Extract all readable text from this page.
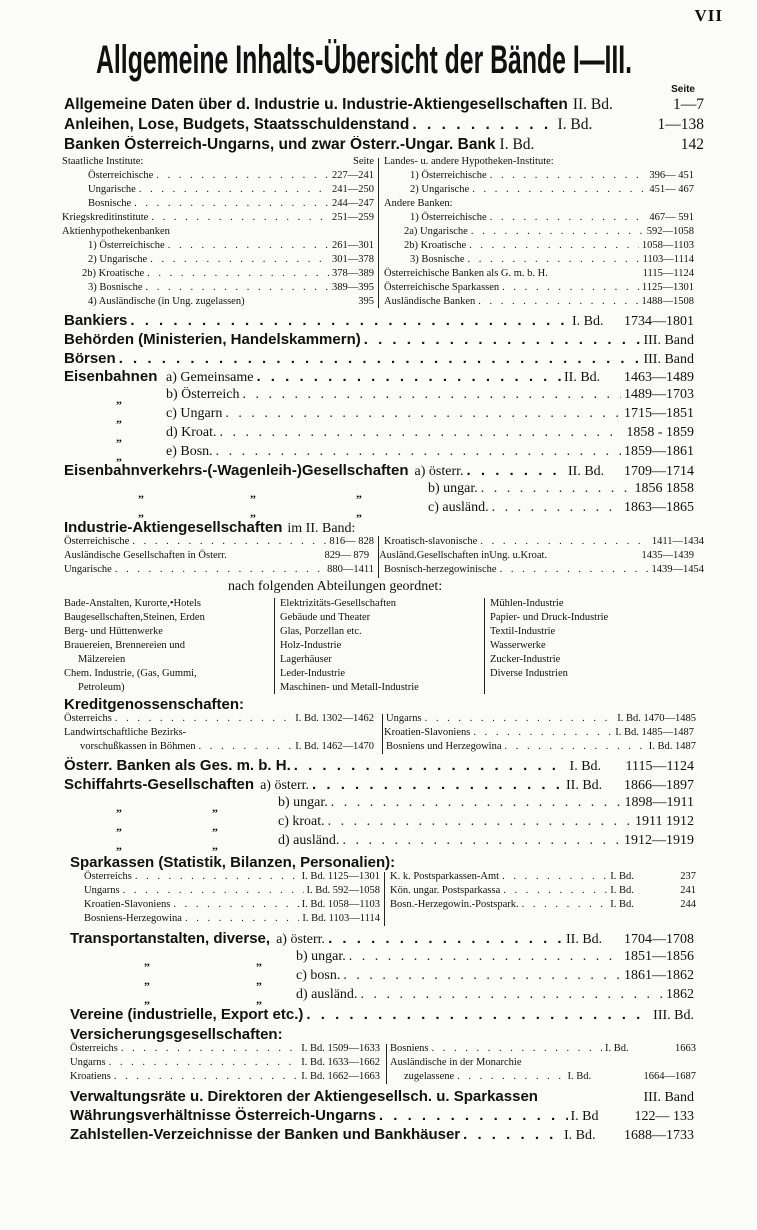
VII
Allgemeine Inhalts-Übersicht der Bände I—III.
Seite
Allgemeine Daten über d. Industrie u. Industrie-Aktiengesellschaften II. Bd.	1—7
Anleihen, Lose, Budgets, Staatsschuldenstand . . .	I. Bd.	1—138
Banken Österreich-Ungarns, und zwar Österr.-Ungar. Bank I. Bd.	142
Staatliche Institute:	Seite
Österreichische . . .	227—241
Ungarische . . .	241—250
Bosnische . . .	244—247
Kriegskreditinstitute . . .	251—259
Aktienhypothekenbanken
1) Österreichische . . .	261—301
2) Ungarische . . .	301—378
2b) Kroatische . . .	378—389
3) Bosnische . . .	389—395
4) Ausländische (in Ung. zugelassen)	395
Landes- u. andere Hypotheken-Institute:
1) Österreichische . . .	396— 451
2) Ungarische . . .	451— 467
Andere Banken:
1) Österreichische . . .	467— 591
2a) Ungarische . . .	592—1058
2b) Kroatische . . .	1058—1103
3) Bosnische . . .	1103—1114
Österreichische Banken als G. m. b. H.	1115—1124
Österreichische Sparkassen . . .	1125—1301
Ausländische Banken . . .	1488—1508
Bankiers . . .	I. Bd.	1734—1801
Behörden (Ministerien, Handelskammern) . . .	III. Band
Börsen . . .	III. Band
Eisenbahnen a) Gemeinsame . . .	II. Bd.	1463—1489
b) Österreich . . .	1489—1703
c) Ungarn . . .	1715—1851
d) Kroat. . . .	1858 - 1859
e) Bosn. . . .	1859—1861
„
„
„
„
Eisenbahnverkehrs-(-Wagenleih-)Gesellschaften a) österr. . . .	II. Bd.	1709—1714
b) ungar. . . .	1856 1858
c) ausländ. . . .	1863—1865
„	„	„
„	„	„
Industrie-Aktiengesellschaften im II. Band:
Österreichische . . .	816— 828 Kroatisch-slavonische . . .	1411—1434
Ausländische Gesellschaften in Österr.	829— 879 Ausländ.Gesellschaften inUng. u.Kroat.	1435—1439
Ungarische . . .	880—1411 Bosnisch-herzegowinische . . .	1439—1454
nach folgenden Abteilungen geordnet:
Bade-Anstalten, Kurorte,•Hotels
Baugesellschaften,Steinen, Erden
Berg- und Hüttenwerke
Brauereien, Brennereien und
Mälzereien
Chem. Industrie, (Gas, Gummi,
Petroleum)
Elektrizitäts-Gesellschaften
Gebäude und Theater
Glas, Porzellan etc.
Holz-Industrie
Lagerhäuser
Leder-Industrie
Maschinen- und Metall-Industrie
Mühlen-Industrie
Papier- und Druck-Industrie
Textil-Industrie
Wasserwerke
Zucker-Industrie
Diverse Industrien
Kreditgenossenschaften:
Österreichs . . .	I. Bd. 1302—1462 Ungarns . . .	I. Bd. 1470—1485
Landwirtschaftliche Bezirks-	Kroatien-Slavoniens . . .	I. Bd. 1485—1487
vorschußkassen in Böhmen . . .	I. Bd. 1462—1470 Bosniens und Herzegowina . . .	I. Bd. 1487
Österr. Banken als Ges. m. b. H. . . .	I. Bd.	1115—1124
Schiffahrts-Gesellschaften a) österr. . . .	II. Bd.	1866—1897
b) ungar. . . .	1898—1911
c) kroat. . . .	1911 1912
d) ausländ. . . .	1912—1919
„	„
„	„
„	„
Sparkassen (Statistik, Bilanzen, Personalien):
Österreichs . . .	I. Bd. 1125—1301 K. k. Postsparkassen-Amt . . .	I. Bd.	237
Ungarns . . .	I. Bd. 592—1058 Kön. ungar. Postsparkassa . . .	I. Bd.	241
Kroatien-Slavoniens . . .	I. Bd. 1058—1103 Bosn.-Herzegowin.-Postspark. . . .	I. Bd.	244
Bosniens-Herzegowina . . .	I. Bd. 1103—1114
Transportanstalten, diverse, a) österr. . . .	II. Bd.	1704—1708
b) ungar. . . .	1851—1856
c) bosn. . . .	1861—1862
d) ausländ. . . .	1862
„	„
„	„
„	„
Vereine (industrielle, Export etc.) . . .	III. Bd.
Versicherungsgesellschaften:
Österreichs . . .	I. Bd. 1509—1633 Bosniens . . .	I. Bd.	1663
Ungarns . . .	I. Bd. 1633—1662 Ausländische in der Monarchie
Kroatiens . . .	I. Bd. 1662—1663 zugelassene . . .	I. Bd.	1664—1687
Verwaltungsräte u. Direktoren der Aktiengesellsch. u. Sparkassen	III. Band
Währungsverhältnisse Österreich-Ungarns . . .	I. Bd	122— 133
Zahlstellen-Verzeichnisse der Banken und Bankhäuser . . .	I. Bd.	1688—1733
